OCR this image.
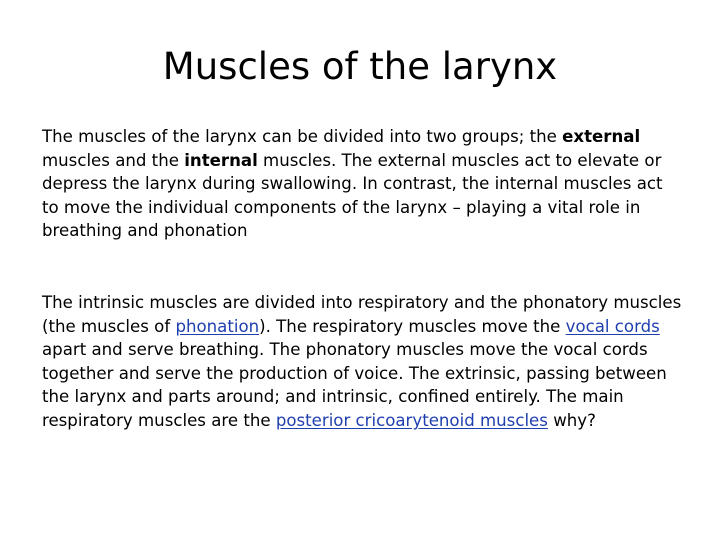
Muscles of the larynx

The muscles of the larynx can be divided into two groups; the external muscles and the internal muscles. The external muscles act to elevate or depress the larynx during swallowing. In contrast, the internal muscles act to move the individual components of the larynx – playing a vital role in breathing and phonation

The intrinsic muscles are divided into respiratory and the phonatory muscles (the muscles of phonation). The respiratory muscles move the vocal cords apart and serve breathing. The phonatory muscles move the vocal cords together and serve the production of voice. The extrinsic, passing between the larynx and parts around; and intrinsic, confined entirely. The main respiratory muscles are the posterior cricoarytenoid muscles why?
